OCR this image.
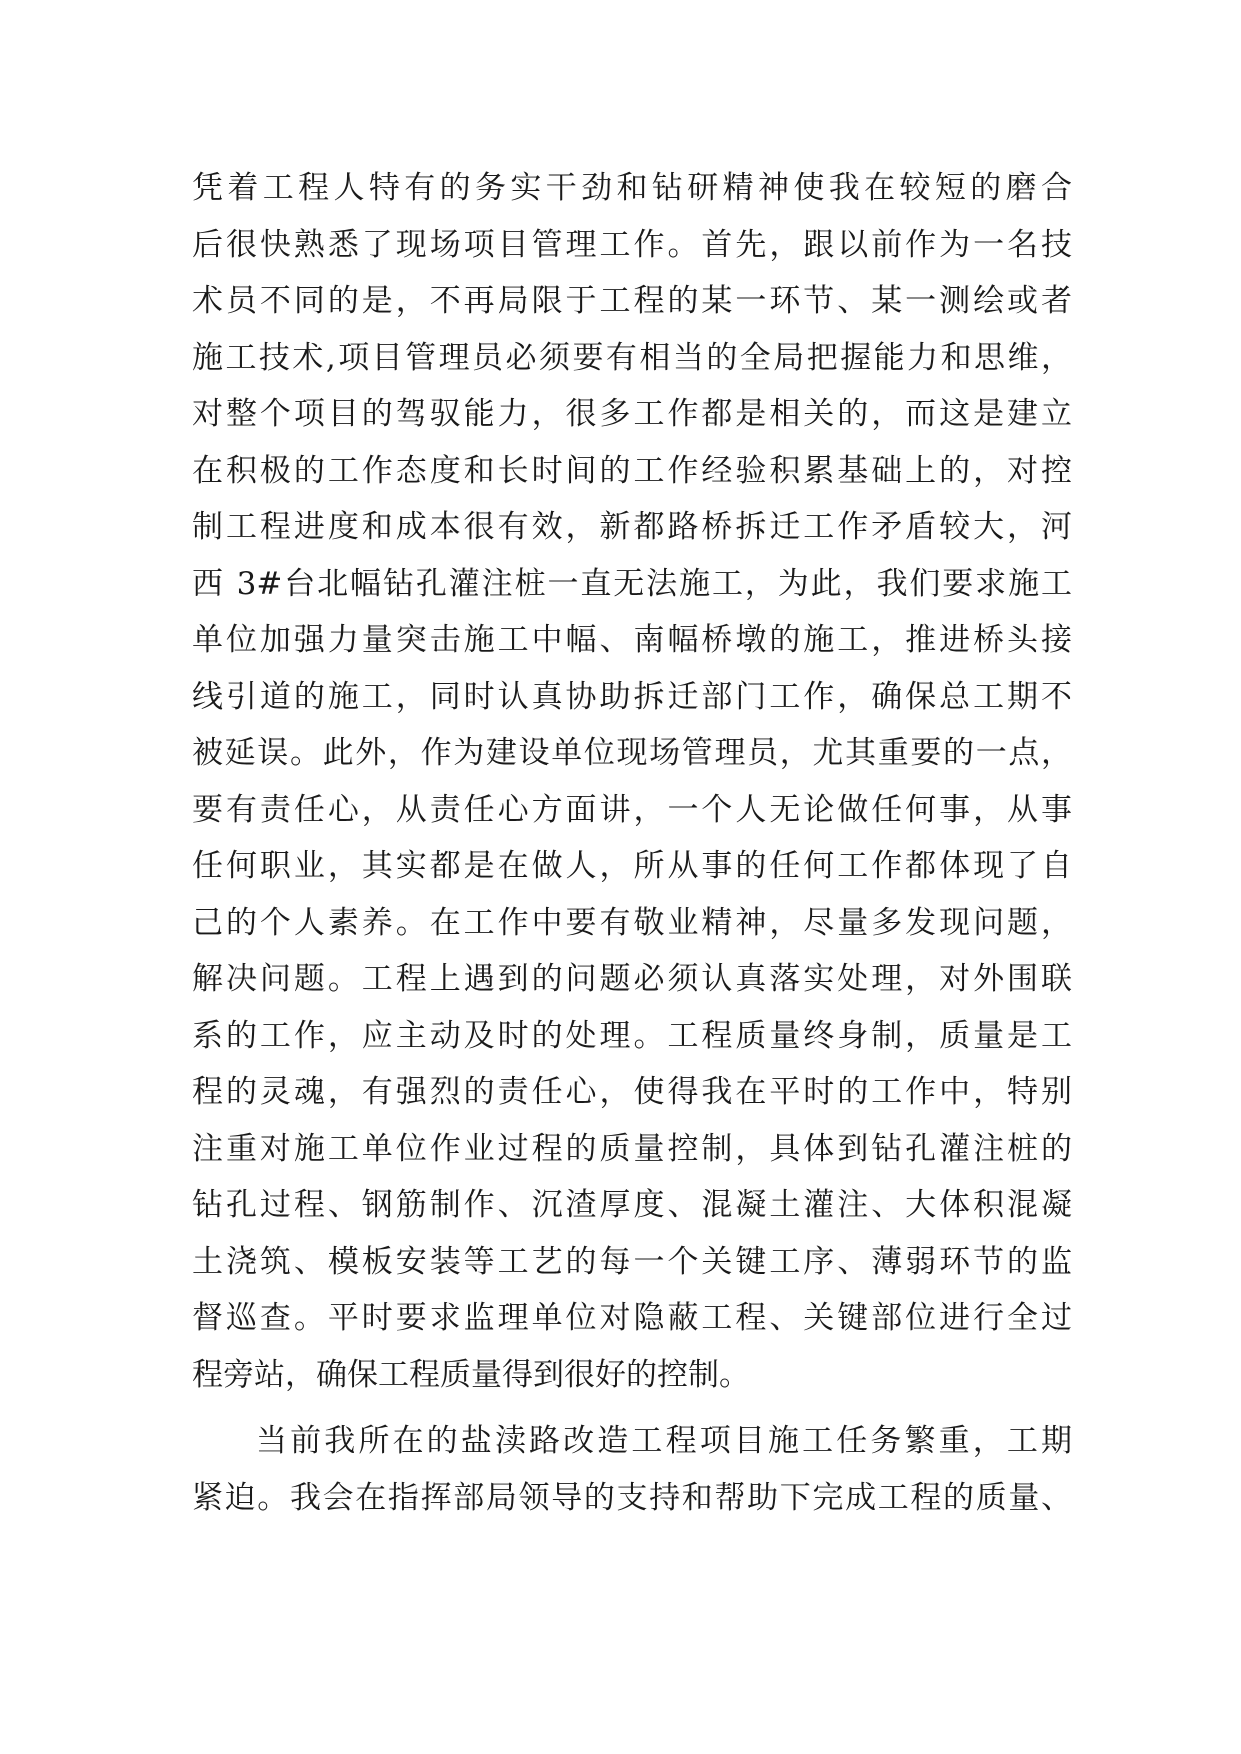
凭着工程人特有的务实干劲和钻研精神使我在较短的磨合
后很快熟悉了现场项目管理工作。首先，跟以前作为一名技
术员不同的是，不再局限于工程的某一环节、某一测绘或者
施工技术,项目管理员必须要有相当的全局把握能力和思维，
对整个项目的驾驭能力，很多工作都是相关的，而这是建立
在积极的工作态度和长时间的工作经验积累基础上的，对控
制工程进度和成本很有效，新都路桥拆迁工作矛盾较大，河
西 3#台北幅钻孔灌注桩一直无法施工，为此，我们要求施工
单位加强力量突击施工中幅、南幅桥墩的施工，推进桥头接
线引道的施工，同时认真协助拆迁部门工作，确保总工期不
被延误。此外，作为建设单位现场管理员，尤其重要的一点，
要有责任心，从责任心方面讲，一个人无论做任何事，从事
任何职业，其实都是在做人，所从事的任何工作都体现了自
己的个人素养。在工作中要有敬业精神，尽量多发现问题，
解决问题。工程上遇到的问题必须认真落实处理，对外围联
系的工作，应主动及时的处理。工程质量终身制，质量是工
程的灵魂，有强烈的责任心，使得我在平时的工作中，特别
注重对施工单位作业过程的质量控制，具体到钻孔灌注桩的
钻孔过程、钢筋制作、沉渣厚度、混凝土灌注、大体积混凝
土浇筑、模板安装等工艺的每一个关键工序、薄弱环节的监
督巡查。平时要求监理单位对隐蔽工程、关键部位进行全过
程旁站，确保工程质量得到很好的控制。
当前我所在的盐渎路改造工程项目施工任务繁重，工期
紧迫。我会在指挥部局领导的支持和帮助下完成工程的质量、
